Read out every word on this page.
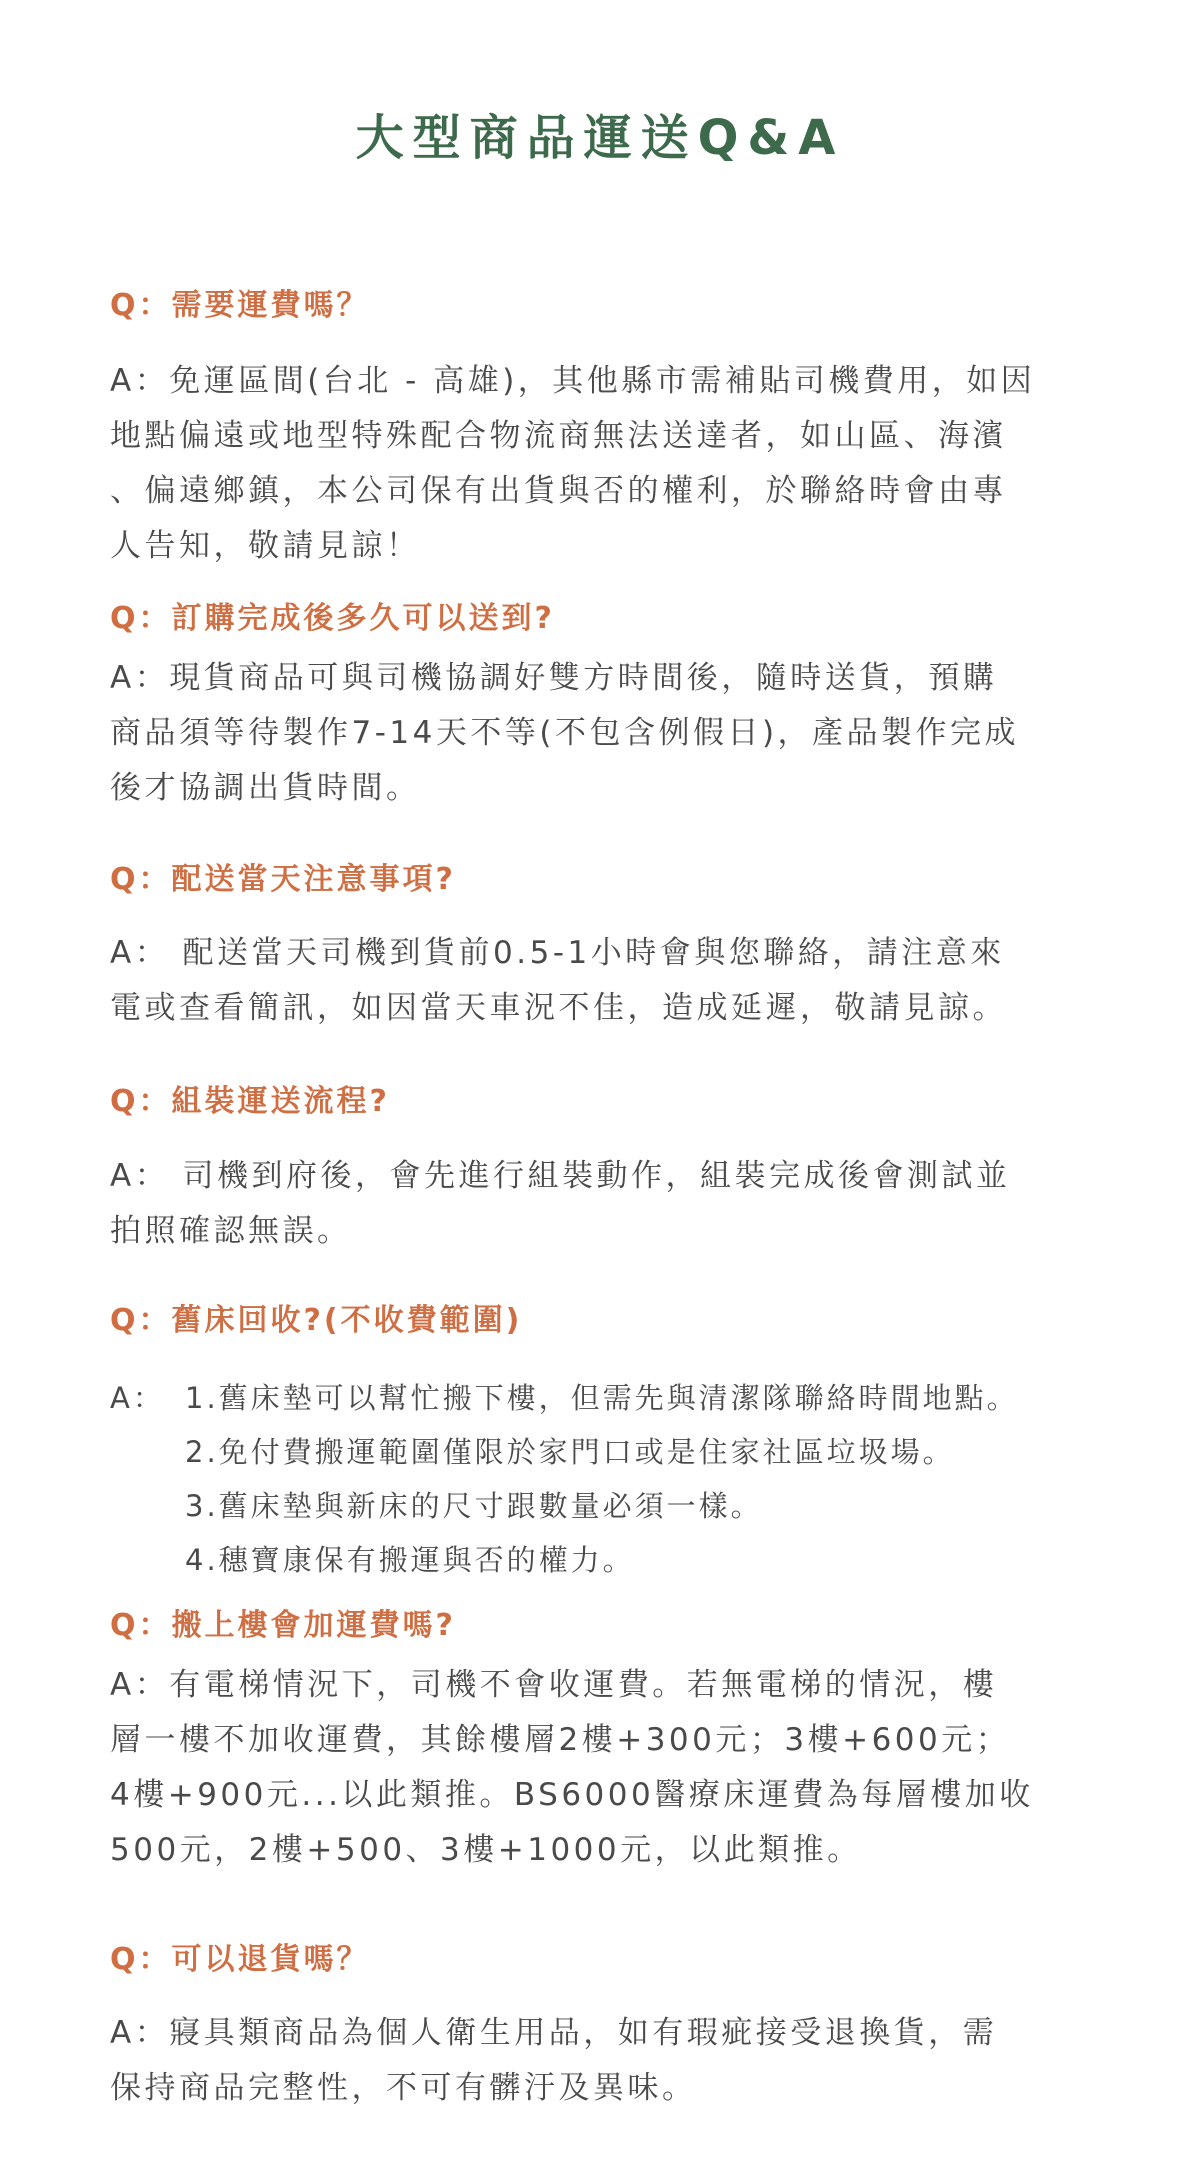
大型商品運送Q&A

Q：需要運費嗎？

A：免運區間(台北 - 高雄)，其他縣市需補貼司機費用，如因
地點偏遠或地型特殊配合物流商無法送達者，如山區、海濱
、偏遠鄉鎮，本公司保有出貨與否的權利，於聯絡時會由專
人告知，敬請見諒！

Q：訂購完成後多久可以送到?

A：現貨商品可與司機協調好雙方時間後，隨時送貨，預購
商品須等待製作7-14天不等(不包含例假日)，產品製作完成
後才協調出貨時間。

Q：配送當天注意事項?

A： 配送當天司機到貨前0.5-1小時會與您聯絡，請注意來
電或查看簡訊，如因當天車況不佳，造成延遲，敬請見諒。

Q：組裝運送流程?

A： 司機到府後，會先進行組裝動作，組裝完成後會測試並
拍照確認無誤。

Q：舊床回收?(不收費範圍)

A： 1.舊床墊可以幫忙搬下樓，但需先與清潔隊聯絡時間地點。
2.免付費搬運範圍僅限於家門口或是住家社區垃圾場。
3.舊床墊與新床的尺寸跟數量必須一樣。
4.穗寶康保有搬運與否的權力。

Q：搬上樓會加運費嗎?

A：有電梯情況下，司機不會收運費。若無電梯的情況，樓
層一樓不加收運費，其餘樓層2樓+300元；3樓+600元；
4樓+900元...以此類推。BS6000醫療床運費為每層樓加收
500元，2樓+500、3樓+1000元，以此類推。

Q：可以退貨嗎？

A：寢具類商品為個人衛生用品，如有瑕疵接受退換貨，需
保持商品完整性，不可有髒汙及異味。
